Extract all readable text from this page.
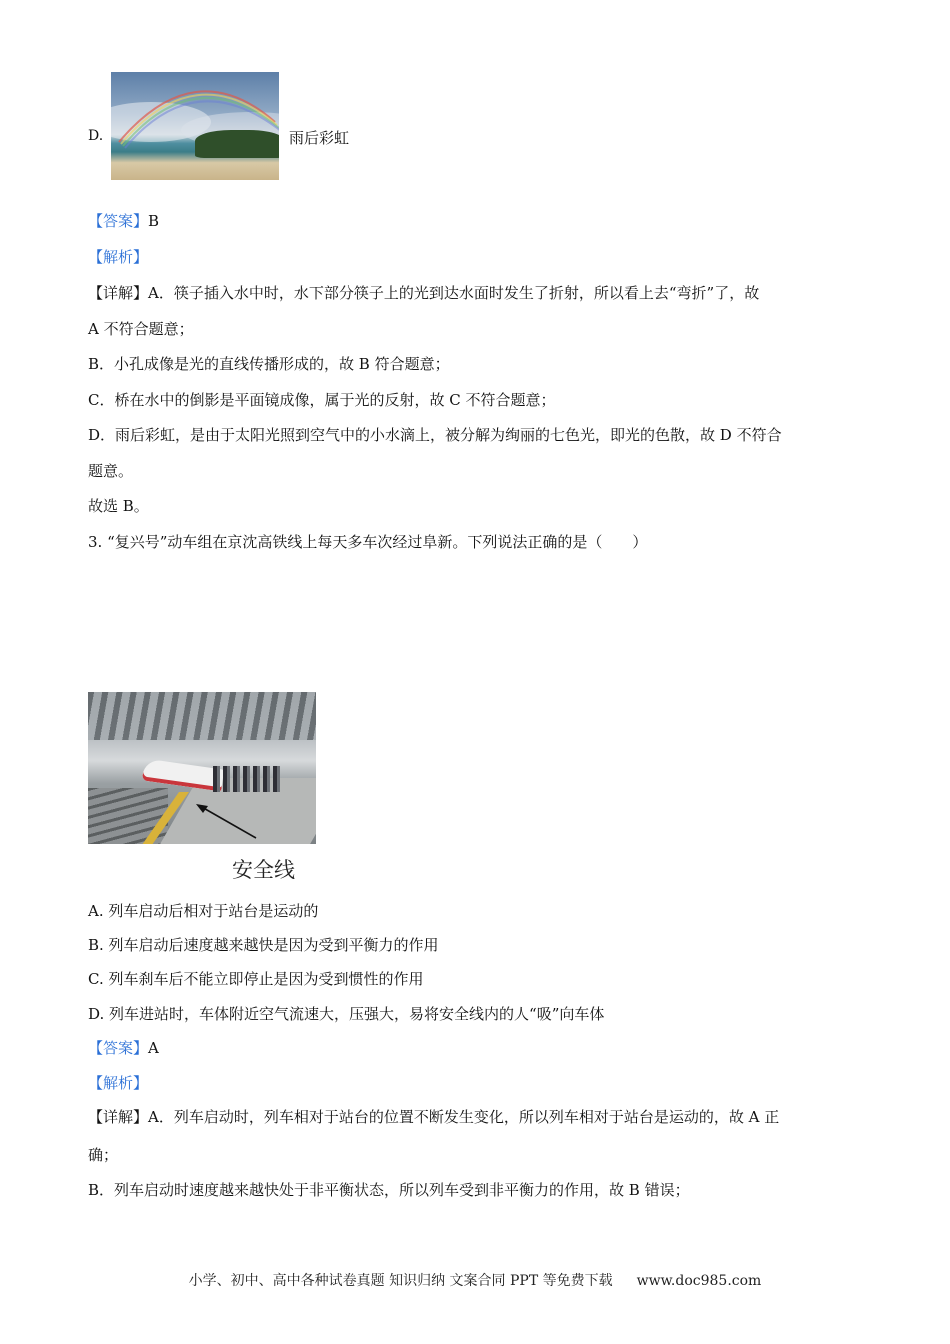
D.	雨后彩虹
【答案】B
【解析】
【详解】A．筷子插入水中时，水下部分筷子上的光到达水面时发生了折射，所以看上去“弯折”了，故
A 不符合题意；
B．小孔成像是光的直线传播形成的，故 B 符合题意；
C．桥在水中的倒影是平面镜成像，属于光的反射，故 C 不符合题意；
D．雨后彩虹，是由于太阳光照到空气中的小水滴上，被分解为绚丽的七色光，即光的色散，故 D 不符合
题意。
故选 B。
3. “复兴号”动车组在京沈高铁线上每天多车次经过阜新。下列说法正确的是（　　）
安全线
A. 列车启动后相对于站台是运动的
B. 列车启动后速度越来越快是因为受到平衡力的作用
C. 列车刹车后不能立即停止是因为受到惯性的作用
D. 列车进站时，车体附近空气流速大，压强大，易将安全线内的人“吸”向车体
【答案】A
【解析】
【详解】A．列车启动时，列车相对于站台的位置不断发生变化，所以列车相对于站台是运动的，故 A 正
确；
B．列车启动时速度越来越快处于非平衡状态，所以列车受到非平衡力的作用，故 B 错误；
小学、初中、高中各种试卷真题 知识归纳 文案合同 PPT 等免费下载 www.doc985.com
